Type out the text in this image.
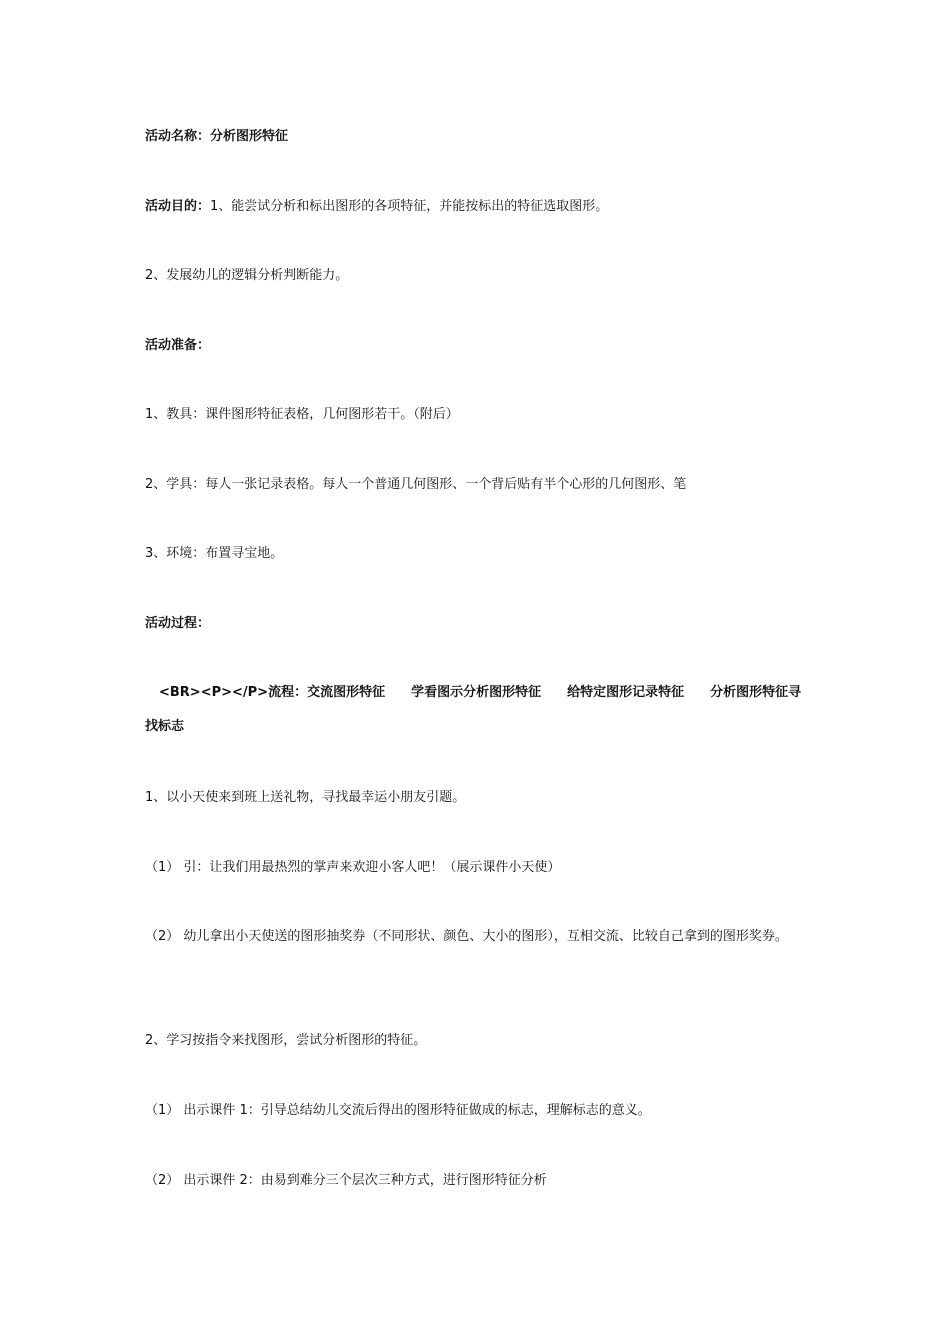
活动名称：分析图形特征
活动目的：1、能尝试分析和标出图形的各项特征，并能按标出的特征选取图形。
2、发展幼儿的逻辑分析判断能力。
活动准备：
1、教具：课件图形特征表格，几何图形若干。（附后）
2、学具：每人一张记录表格。每人一个普通几何图形、一个背后贴有半个心形的几何图形、笔
3、环境：布置寻宝地。
活动过程：
<BR><P></P>流程：交流图形特征 学看图示分析图形特征 给特定图形记录特征 分析图形特征寻找标志
1、以小天使来到班上送礼物，寻找最幸运小朋友引题。
（1） 引：让我们用最热烈的掌声来欢迎小客人吧！（展示课件小天使）
（2） 幼儿拿出小天使送的图形抽奖券（不同形状、颜色、大小的图形），互相交流、比较自己拿到的图形奖券。
2、学习按指令来找图形，尝试分析图形的特征。
（1） 出示课件 1：引导总结幼儿交流后得出的图形特征做成的标志，理解标志的意义。
（2） 出示课件 2：由易到难分三个层次三种方式，进行图形特征分析
